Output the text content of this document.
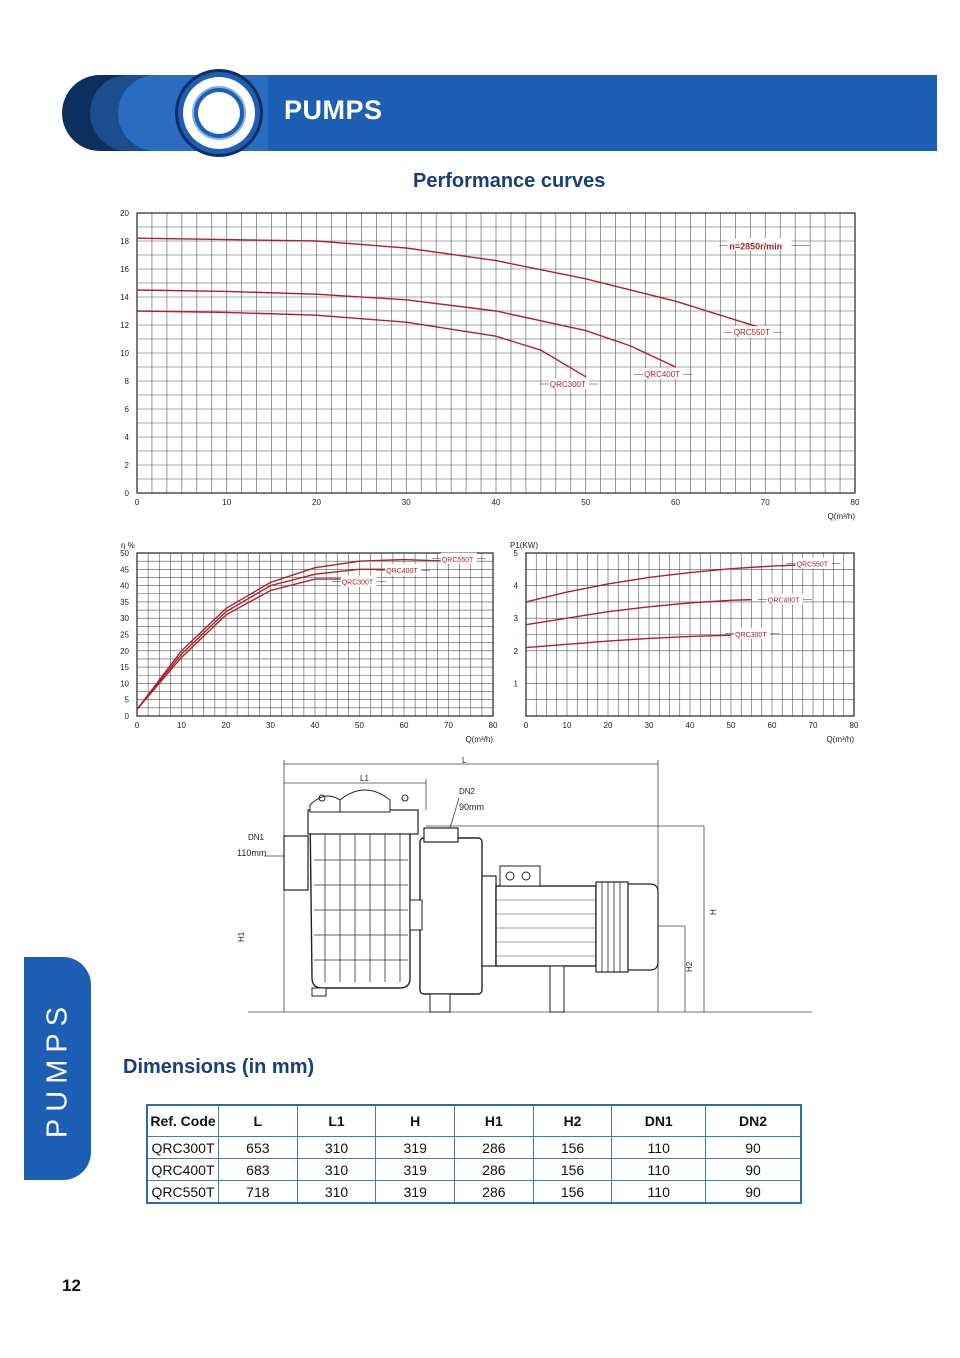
PUMPS
Performance curves
0	10	20	30	40	50	60	70	80
0
2
4
6
8
10
12
14
16
18
20
Q(m³/h)
QRC550T
QRC400T
QRC300T
n=2850r/min
0	10	20	30	40	50	60	70	80
0
5
10
15
20
25
30
35
40
45
50
Q(m³/h)
η %
QRC550T
QRC400T
QRC300T
0	10	20	30	40	50	60	70	80
1
2
3
4
5
Q(m³/h)
P1(KW)
QRC550T
QRC400T
QRC300T
L
L1
H
H1
H2
DN1
110mm
DN2
90mm
PUMPS	Dimensions (in mm)
Ref. Code	L	L1	H	H1	H2	DN1	DN2
QRC300T	653	310	319	286	156	110	90
QRC400T	683	310	319	286	156	110	90
QRC550T	718	310	319	286	156	110	90
12
